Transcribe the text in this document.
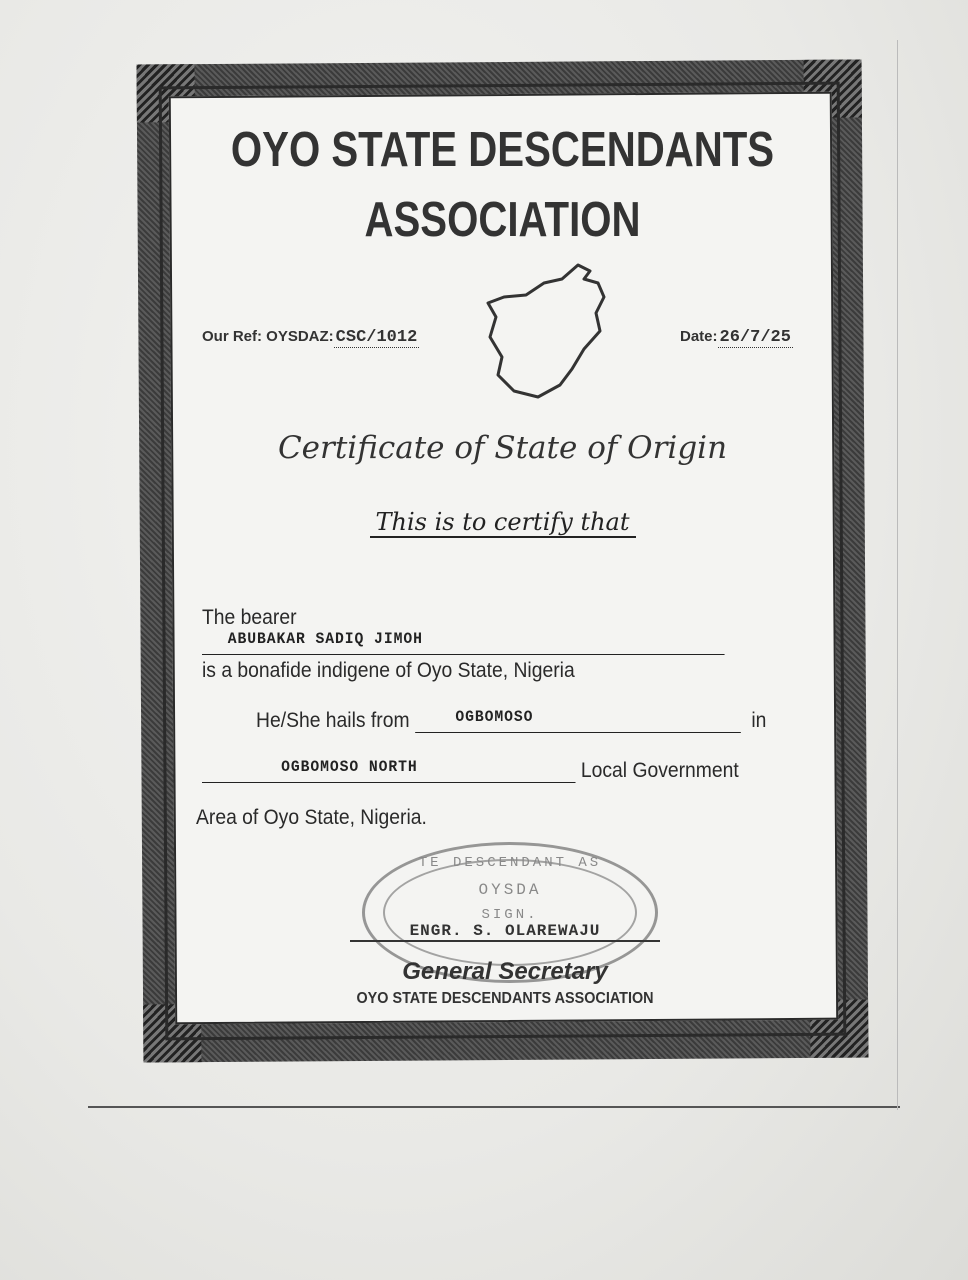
OYO STATE DESCENDANTS
ASSOCIATION
Our Ref: OYSDAZ: CSC/1012	Date: 26/7/25
Certificate of State of Origin
This is to certify that
The bearerABUBAKAR SADIQ JIMOH
is a bonafide indigene of Oyo State, Nigeria
He/She hails from	OGBOMOSO	in
OGBOMOSO NORTH	Local Government
Area of Oyo State, Nigeria.
TE DESCENDANT AS
OYSDA
SIGN.
ENGR. S. OLAREWAJU
General Secretary
OYO STATE DESCENDANTS ASSOCIATION
